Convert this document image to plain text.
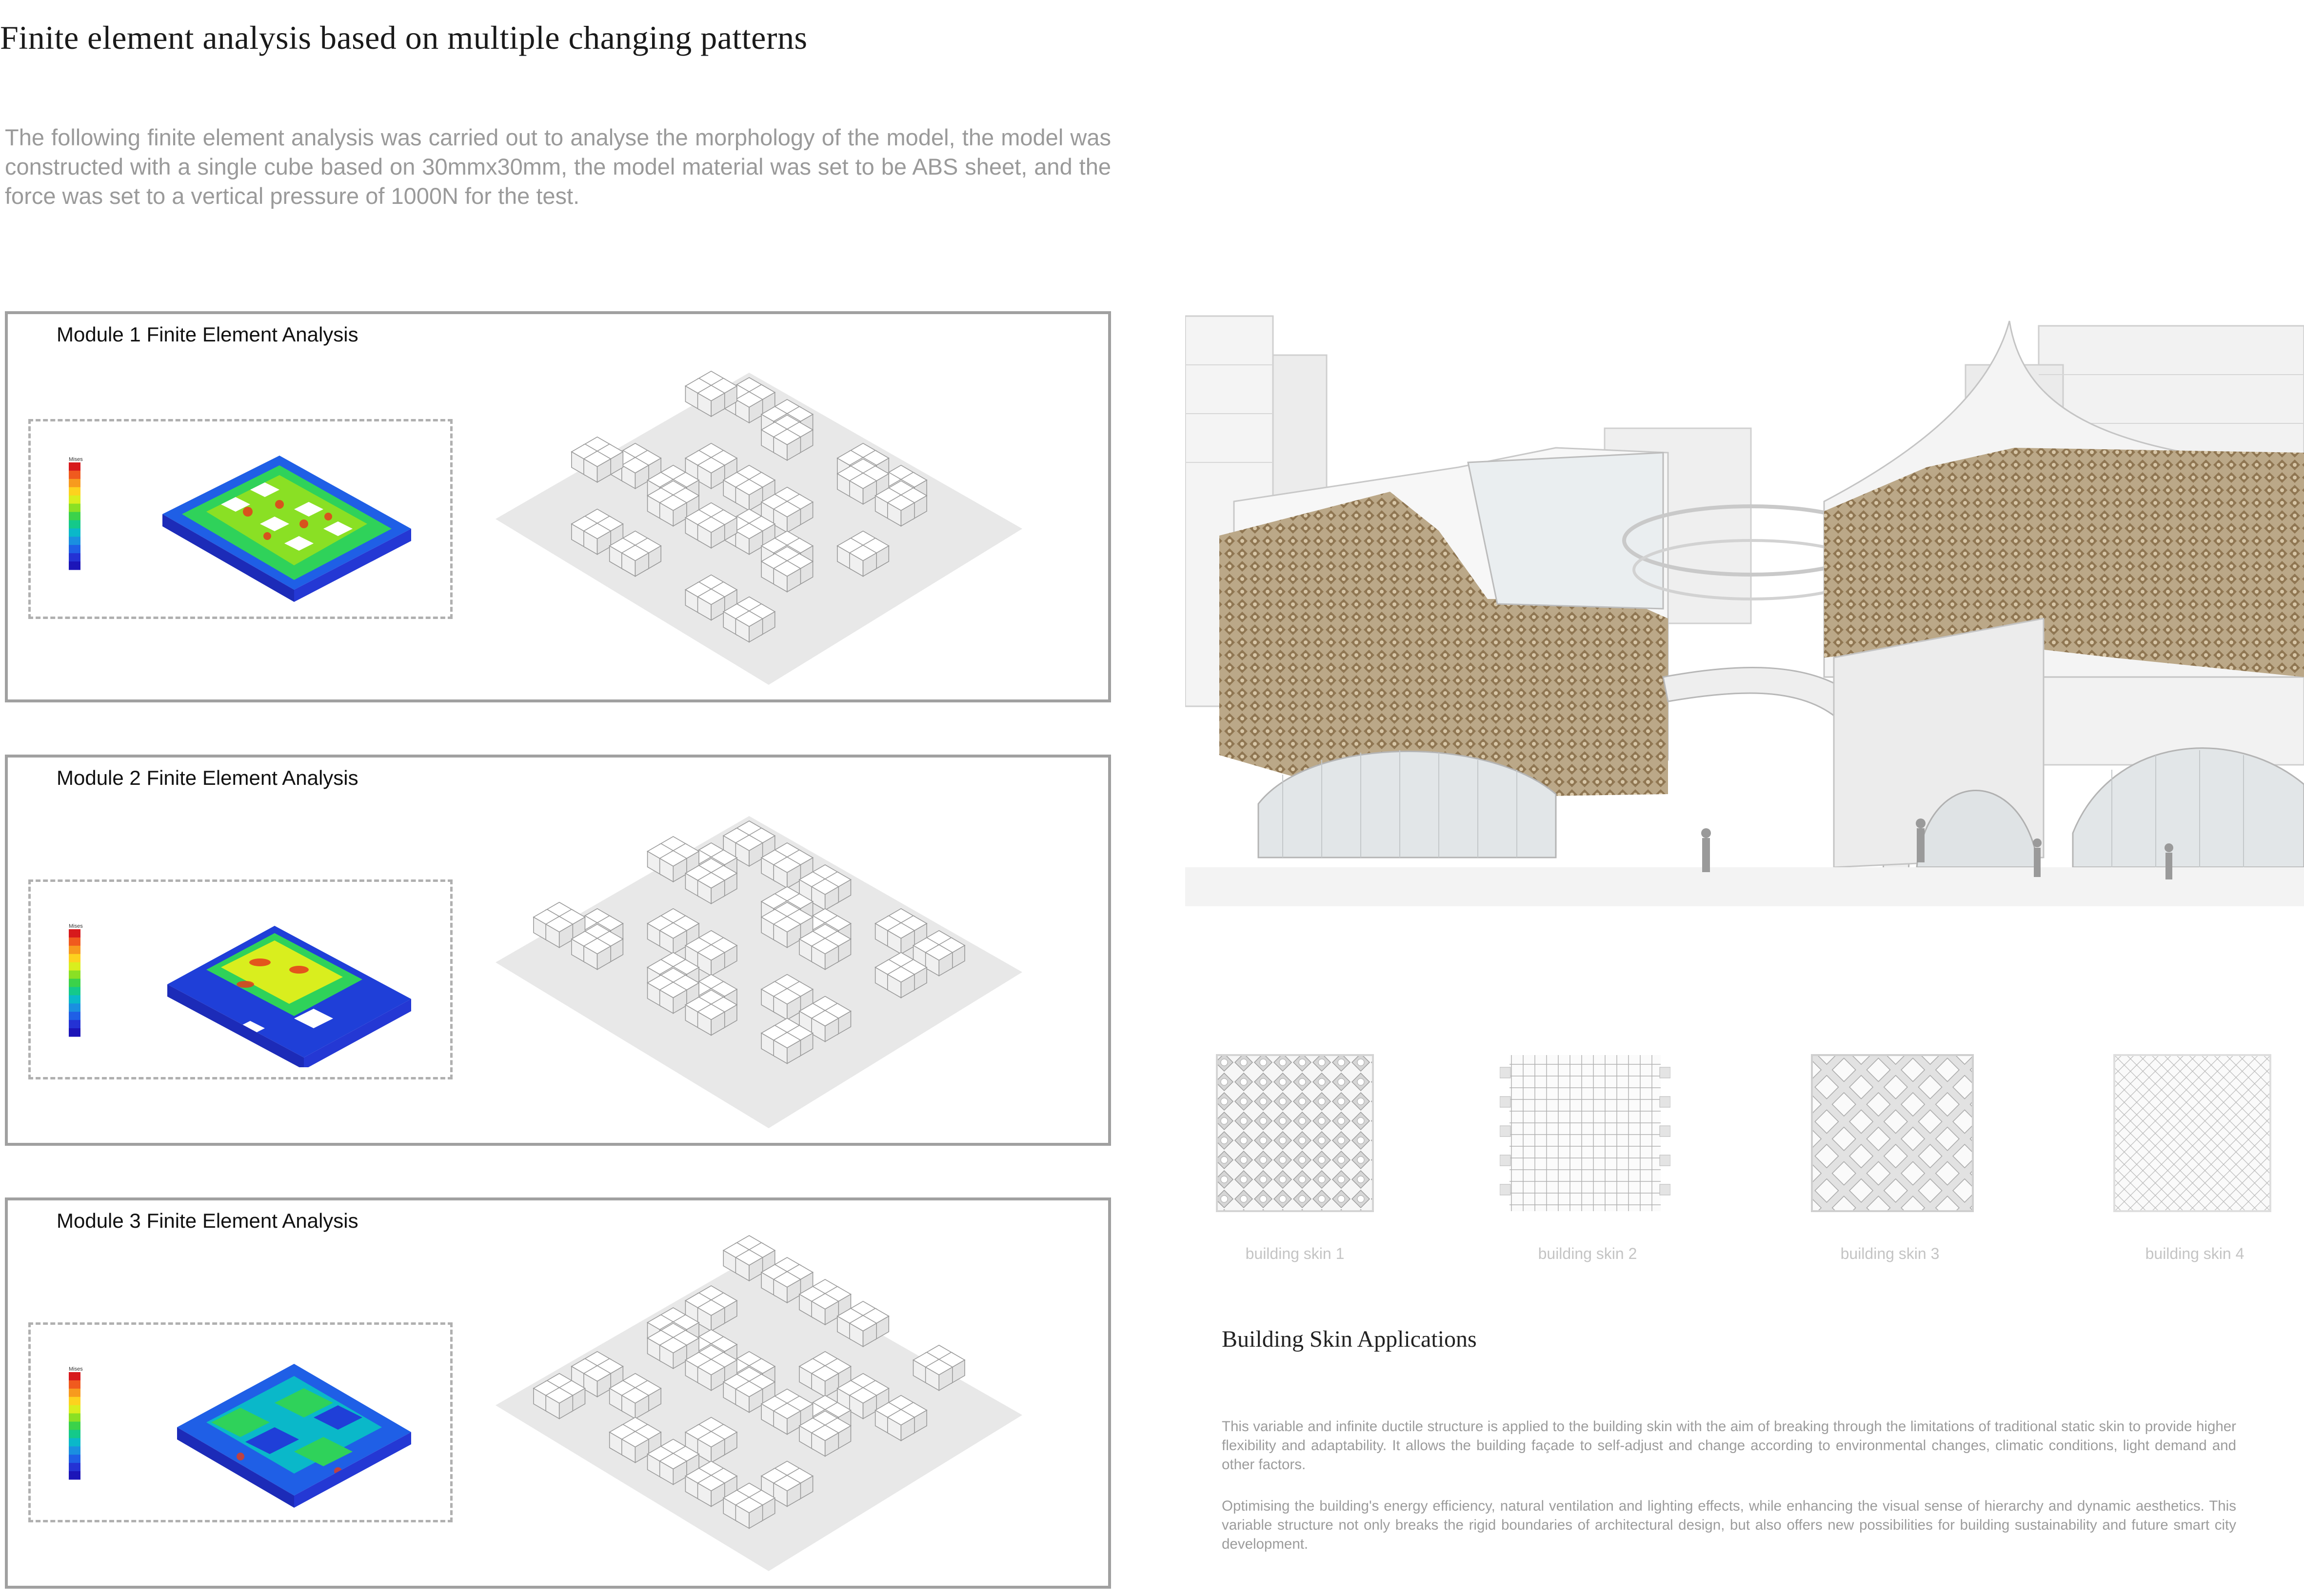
Finite element analysis based on multiple changing patterns
The following finite element analysis was carried out to analyse the morphology of the model, the model was constructed with a single cube based on 30mmx30mm, the model material was set to be ABS sheet, and the force was set to a vertical pressure of 1000N for the test.
Module 1 Finite Element Analysis
Mises
Module 2 Finite Element Analysis
Mises
Module 3 Finite Element Analysis
Mises
building skin 1	building skin 2	building skin 3	building skin 4
Building Skin Applications
This variable and infinite ductile structure is applied to the building skin with the aim of breaking through the limitations of traditional static skin to provide higher flexibility and adaptability. It allows the building façade to self-adjust and change according to environmental changes, climatic conditions, light demand and other factors.
Optimising the building's energy efficiency, natural ventilation and lighting effects, while enhancing the visual sense of hierarchy and dynamic aesthetics. This variable structure not only breaks the rigid boundaries of architectural design, but also offers new possibilities for building sustainability and future smart city development.
